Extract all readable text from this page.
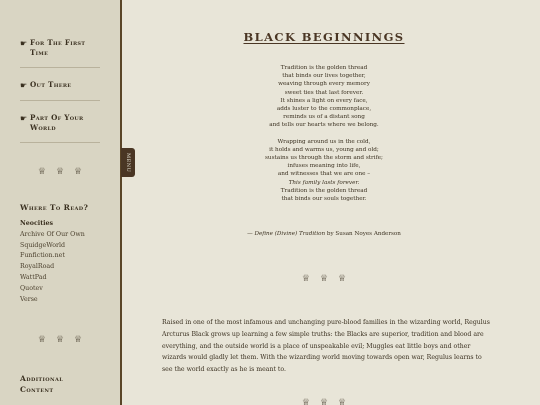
☛ For The First Time
☛ Out There
☛ Part Of Your World
♕ ♕ ♕
Where To Read?
Neocities
Archive Of Our Own
SquidgeWorld
Funfiction.net
RoyalRoad
WattPad
Quotev
Verse
♕ ♕ ♕
Additional Content
MENU
BLACK BEGINNINGS
Tradition is the golden thread
that binds our lives together,
weaving through every memory
sweet ties that last forever.
It shines a light on every face,
adds luster to the commonplace,
reminds us of a distant song
and tells our hearts where we belong.
Wrapping around us in the cold,
it holds and warms us, young and old;
sustains us through the storm and strife;
infuses meaning into life,
and witnesses that we are one –
This family lasts forever.
Tradition is the golden thread
that binds our souls together.
— Define (Divine) Tradition by Susan Noyes Anderson
♕ ♕ ♕

Raised in one of the most infamous and unchanging pure-blood families in the wizarding world, Regulus Arcturus Black grows up learning a few simple truths: the Blacks are superior, tradition and blood are everything, and the outside world is a place of unspeakable evil; Muggles eat little boys and other wizards would gladly let them. With the wizarding world moving towards open war, Regulus learns to see the world exactly as he is meant to.

♕ ♕ ♕
